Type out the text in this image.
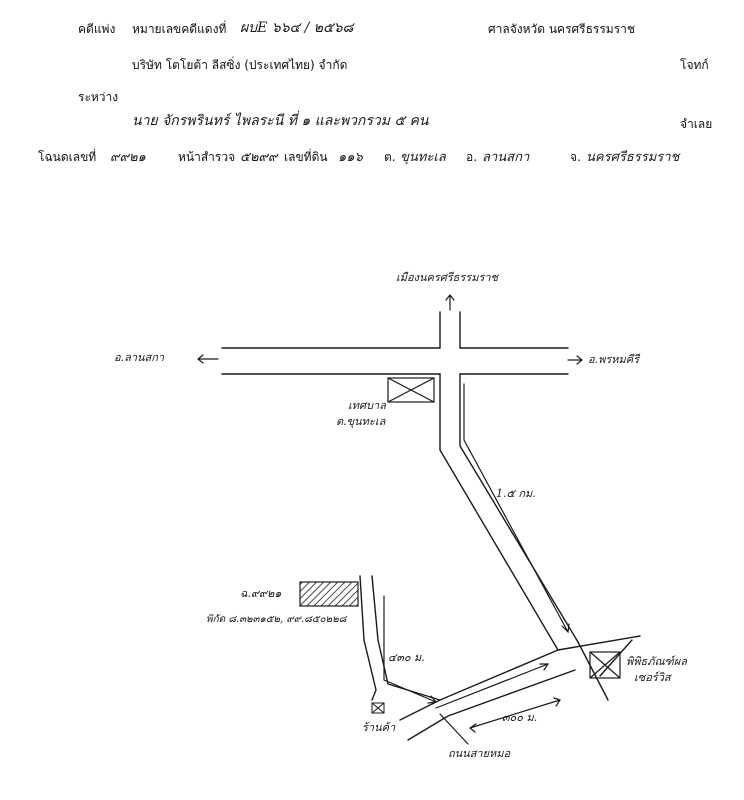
คดีแพ่ง หมายเลขคดีแดงที่ ผบE ๖๖๔ / ๒๕๖๘	ศาลจังหวัด นครศรีธรรมราช
บริษัท โตโยต้า ลีสซิ่ง (ประเทศไทย) จำกัด	โจทก์
ระหว่าง
นาย จักรพรินทร์ ไพลระนี ที่ ๑ และพวกรวม ๕ คน	จำเลย
โฉนดเลขที่ ๙๙๒๑	หน้าสำรวจ ๕๒๙๙ เลขที่ดิน ๑๑๖ ต. ขุนทะเล อ. ลานสกา	จ. นครศรีธรรมราช
เมืองนครศรีธรรมราช
อ.ลานสกา	อ.พรหมคีรี
เทศบาล
ต.ขุนทะเล
1.๕ กม.
ฉ.๙๙๒๑
พิกัด ๘.๓๒๓๑๕๒, ๙๙.๘๕๐๒๒๘
๔๓๐ ม.
๓๐๐ ม.
ร้านค้า
ถนนสายหมอ
พิพิธภัณฑ์ผล
เซอร์วิส
